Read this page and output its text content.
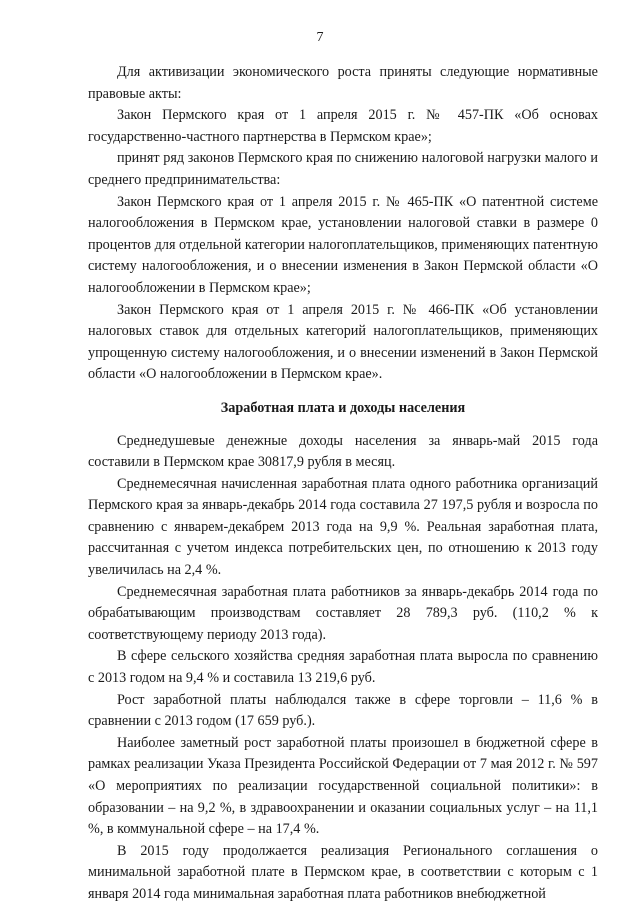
7

Для активизации экономического роста приняты следующие нормативные правовые акты:

Закон Пермского края от 1 апреля 2015 г. № 457-ПК «Об основах государственно-частного партнерства в Пермском крае»;

принят ряд законов Пермского края по снижению налоговой нагрузки малого и среднего предпринимательства:

Закон Пермского края от 1 апреля 2015 г. № 465-ПК «О патентной системе налогообложения в Пермском крае, установлении налоговой ставки в размере 0 процентов для отдельной категории налогоплательщиков, применяющих патентную систему налогообложения, и о внесении изменения в Закон Пермской области «О налогообложении в Пермском крае»;

Закон Пермского края от 1 апреля 2015 г. № 466-ПК «Об установлении налоговых ставок для отдельных категорий налогоплательщиков, применяющих упрощенную систему налогообложения, и о внесении изменений в Закон Пермской области «О налогообложении в Пермском крае».

Заработная плата и доходы населения

Среднедушевые денежные доходы населения за январь-май 2015 года составили в Пермском крае 30817,9 рубля в месяц.

Среднемесячная начисленная заработная плата одного работника организаций Пермского края за январь-декабрь 2014 года составила 27 197,5 рубля и возросла по сравнению с январем-декабрем 2013 года на 9,9 %. Реальная заработная плата, рассчитанная с учетом индекса потребительских цен, по отношению к 2013 году увеличилась на 2,4 %.

Среднемесячная заработная плата работников за январь-декабрь 2014 года по обрабатывающим производствам составляет 28 789,3 руб. (110,2 % к соответствующему периоду 2013 года).

В сфере сельского хозяйства средняя заработная плата выросла по сравнению с 2013 годом на 9,4 % и составила 13 219,6 руб.

Рост заработной платы наблюдался также в сфере торговли – 11,6 % в сравнении с 2013 годом (17 659 руб.).

Наиболее заметный рост заработной платы произошел в бюджетной сфере в рамках реализации Указа Президента Российской Федерации от 7 мая 2012 г. № 597 «О мероприятиях по реализации государственной социальной политики»: в образовании – на 9,2 %, в здравоохранении и оказании социальных услуг – на 11,1 %, в коммунальной сфере – на 17,4 %.

В 2015 году продолжается реализация Регионального соглашения о минимальной заработной плате в Пермском крае, в соответствии с которым с 1 января 2014 года минимальная заработная плата работников внебюджетной
